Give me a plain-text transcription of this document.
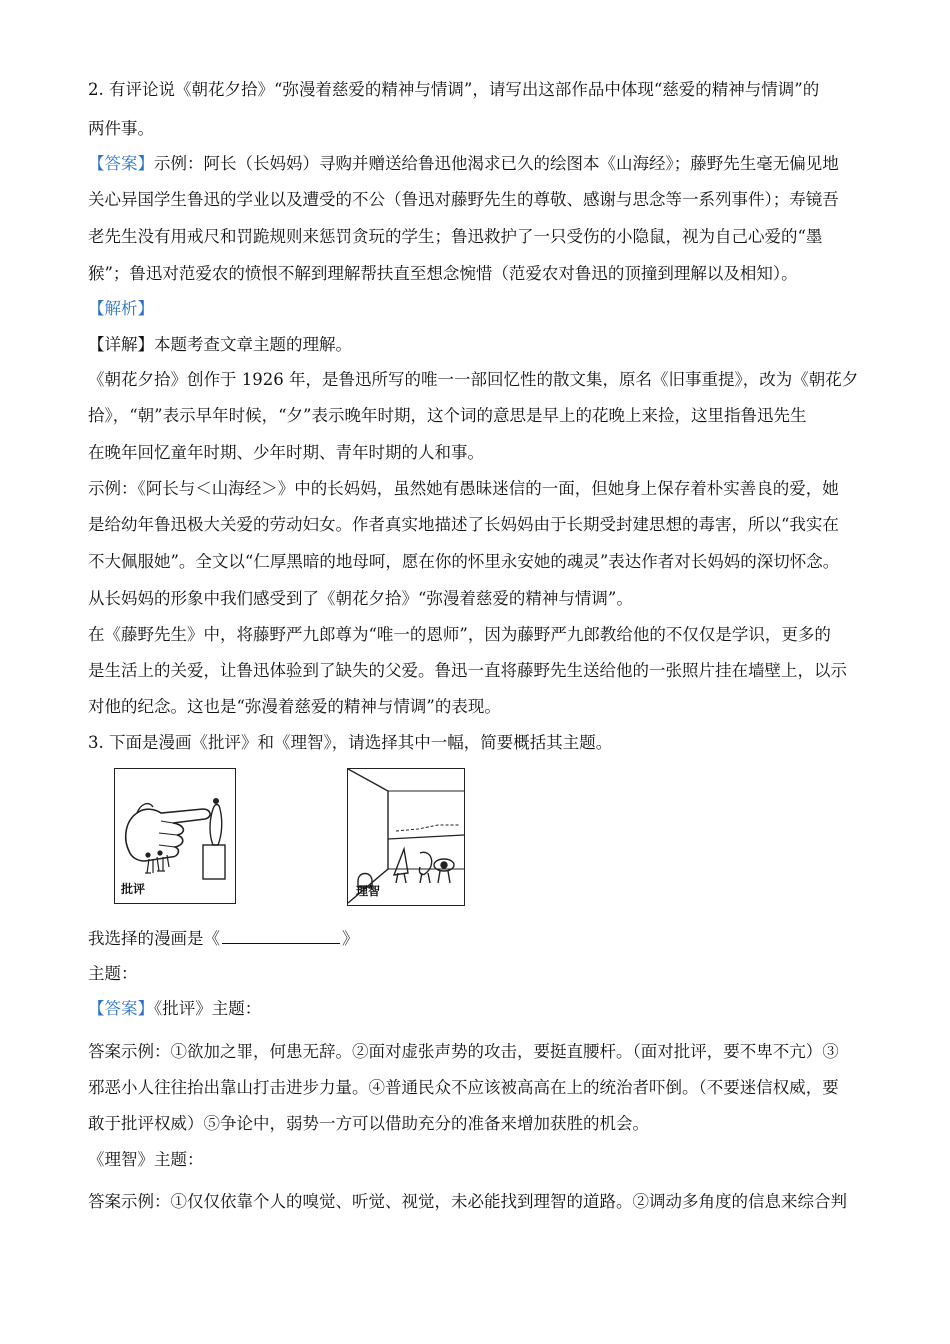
2. 有评论说《朝花夕拾》“弥漫着慈爱的精神与情调”，请写出这部作品中体现“慈爱的精神与情调”的
两件事。
【答案】示例：阿长（长妈妈）寻购并赠送给鲁迅他渴求已久的绘图本《山海经》；藤野先生毫无偏见地
关心异国学生鲁迅的学业以及遭受的不公（鲁迅对藤野先生的尊敬、感谢与思念等一系列事件）；寿镜吾
老先生没有用戒尺和罚跪规则来惩罚贪玩的学生；鲁迅救护了一只受伤的小隐鼠，视为自己心爱的“墨
猴”；鲁迅对范爱农的愤恨不解到理解帮扶直至想念惋惜（范爱农对鲁迅的顶撞到理解以及相知）。
【解析】
【详解】本题考查文章主题的理解。
《朝花夕拾》创作于 1926 年，是鲁迅所写的唯一一部回忆性的散文集，原名《旧事重提》，改为《朝花夕
拾》，“朝”表示早年时候，“夕”表示晚年时期，这个词的意思是早上的花晚上来捡，这里指鲁迅先生
在晚年回忆童年时期、少年时期、青年时期的人和事。
示例：《阿长与＜山海经＞》中的长妈妈，虽然她有愚昧迷信的一面，但她身上保存着朴实善良的爱，她
是给幼年鲁迅极大关爱的劳动妇女。作者真实地描述了长妈妈由于长期受封建思想的毒害，所以“我实在
不大佩服她”。全文以“仁厚黑暗的地母呵，愿在你的怀里永安她的魂灵”表达作者对长妈妈的深切怀念。
从长妈妈的形象中我们感受到了《朝花夕拾》“弥漫着慈爱的精神与情调”。
在《藤野先生》中，将藤野严九郎尊为“唯一的恩师”，因为藤野严九郎教给他的不仅仅是学识，更多的
是生活上的关爱，让鲁迅体验到了缺失的父爱。鲁迅一直将藤野先生送给他的一张照片挂在墙壁上，以示
对他的纪念。这也是“弥漫着慈爱的精神与情调”的表现。
3. 下面是漫画《批评》和《理智》，请选择其中一幅，简要概括其主题。
批评	理智
我选择的漫画是《	》
主题：
【答案】《批评》主题：
答案示例：①欲加之罪，何患无辞。②面对虚张声势的攻击，要挺直腰杆。（面对批评，要不卑不亢）③
邪恶小人往往抬出靠山打击进步力量。④普通民众不应该被高高在上的统治者吓倒。（不要迷信权威，要
敢于批评权威）⑤争论中，弱势一方可以借助充分的准备来增加获胜的机会。
《理智》主题：
答案示例：①仅仅依靠个人的嗅觉、听觉、视觉，未必能找到理智的道路。②调动多角度的信息来综合判
